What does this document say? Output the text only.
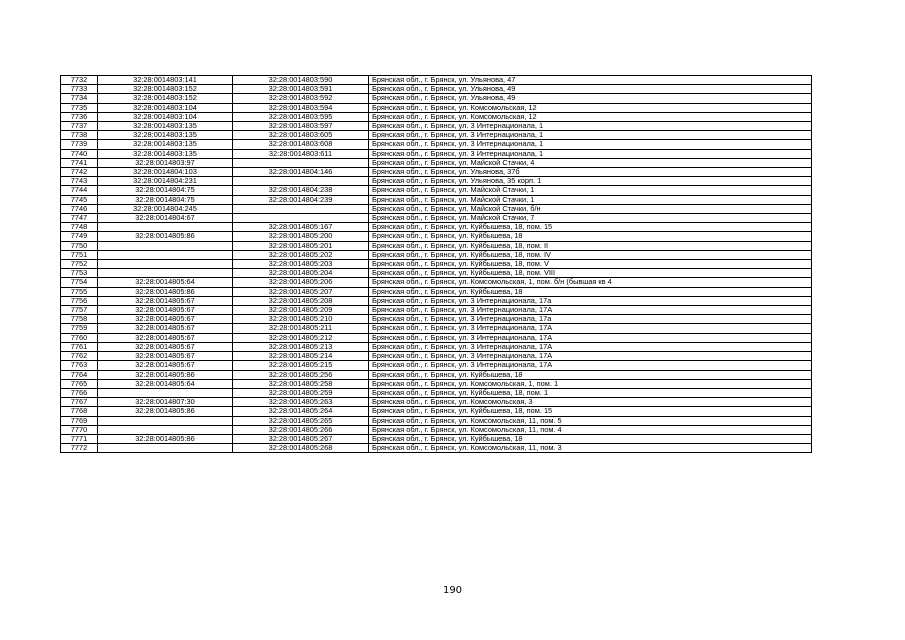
7732	32:28:0014803:141	32:28:0014803:590	Брянская обл., г. Брянск, ул. Ульянова, 47
7733	32:28:0014803:152	32:28:0014803:591	Брянская обл., г. Брянск, ул. Ульянова, 49
7734	32:28:0014803:152	32:28:0014803:592	Брянская обл., г. Брянск, ул. Ульянова, 49
7735	32:28:0014803:104	32:28:0014803:594	Брянская обл., г. Брянск, ул. Комсомольская, 12
7736	32:28:0014803:104	32:28:0014803:595	Брянская обл., г. Брянск, ул. Комсомольская, 12
7737	32:28:0014803:135	32:28:0014803:597	Брянская обл., г. Брянск, ул. 3 Интернационала, 1
7738	32:28:0014803:135	32:28:0014803:605	Брянская обл., г. Брянск, ул. 3 Интернационала, 1
7739	32:28:0014803:135	32:28:0014803:608	Брянская обл., г. Брянск, ул. 3 Интернационала, 1
7740	32:28:0014803:135	32:28:0014803:611	Брянская обл., г. Брянск, ул. 3 Интернационала, 1
7741	32:28:0014803:97		Брянская обл., г. Брянск, ул. Майской Стачки, 4
7742	32:28:0014804:103	32:28:0014804:146	Брянская обл., г. Брянск, ул. Ульянова, 37б
7743	32:28:0014804:231		Брянская обл., г. Брянск, ул. Ульянова, 35 корп. 1
7744	32:28:0014804:75	32:28:0014804:238	Брянская обл., г. Брянск, ул. Майской Стачки, 1
7745	32:28:0014804:75	32:28:0014804:239	Брянская обл., г. Брянск, ул. Майской Стачки, 1
7746	32:28:0014804:245		Брянская обл., г. Брянск, ул. Майской Стачки, б/н
7747	32:28:0014804:67		Брянская обл., г. Брянск, ул. Майской Стачки, 7
7748		32:28:0014805:167	Брянская обл., г. Брянск, ул. Куйбышева, 18, пом. 15
7749	32:28:0014805:86	32:28:0014805:200	Брянская обл., г. Брянск, ул. Куйбышева, 18
7750		32:28:0014805:201	Брянская обл., г. Брянск, ул. Куйбышева, 18, пом. II
7751		32:28:0014805:202	Брянская обл., г. Брянск, ул. Куйбышева, 18, пом. IV
7752		32:28:0014805:203	Брянская обл., г. Брянск, ул. Куйбышева, 18, пом. V
7753		32:28:0014805:204	Брянская обл., г. Брянск, ул. Куйбышева, 18, пом. VIII
7754	32:28:0014805:64	32:28:0014805:206	Брянская обл., г. Брянск, ул. Комсомольская, 1, пом. б/н (бывшая кв 4
7755	32:28:0014805:86	32:28:0014805:207	Брянская обл., г. Брянск, ул. Куйбышева, 18
7756	32:28:0014805:67	32:28:0014805:208	Брянская обл., г. Брянск, ул. 3 Интернационала, 17а
7757	32:28:0014805:67	32:28:0014805:209	Брянская обл., г. Брянск, ул. 3 Интернационала, 17А
7758	32:28:0014805:67	32:28:0014805:210	Брянская обл., г. Брянск, ул. 3 Интернационала, 17а
7759	32:28:0014805:67	32:28:0014805:211	Брянская обл., г. Брянск, ул. 3 Интернационала, 17А
7760	32:28:0014805:67	32:28:0014805:212	Брянская обл., г. Брянск, ул. 3 Интернационала, 17А
7761	32:28:0014805:67	32:28:0014805:213	Брянская обл., г. Брянск, ул. 3 Интернационала, 17А
7762	32:28:0014805:67	32:28:0014805:214	Брянская обл., г. Брянск, ул. 3 Интернационала, 17А
7763	32:28:0014805:67	32:28:0014805:215	Брянская обл., г. Брянск, ул. 3 Интернационала, 17А
7764	32:28:0014805:86	32:28:0014805:256	Брянская обл., г. Брянск, ул. Куйбышева, 18
7765	32:28:0014805:64	32:28:0014805:258	Брянская обл., г. Брянск, ул. Комсомольская, 1, пом. 1
7766		32:28:0014805:259	Брянская обл., г. Брянск, ул. Куйбышева, 18, пом. 1
7767	32:28:0014807:30	32:28:0014805:263	Брянская обл., г. Брянск, ул. Комсомольская, 3
7768	32:28:0014805:86	32:28:0014805:264	Брянская обл., г. Брянск, ул. Куйбышева, 18, пом. 15
7769		32:28:0014805:265	Брянская обл., г. Брянск, ул. Комсомольская, 11, пом. 5
7770		32:28:0014805:266	Брянская обл., г. Брянск, ул. Комсомольская, 11, пом. 4
7771	32:28:0014805:86	32:28:0014805:267	Брянская обл., г. Брянск, ул. Куйбышева, 18
7772		32:28:0014805:268	Брянская обл., г. Брянск, ул. Комсомольская, 11, пом. 3
190
